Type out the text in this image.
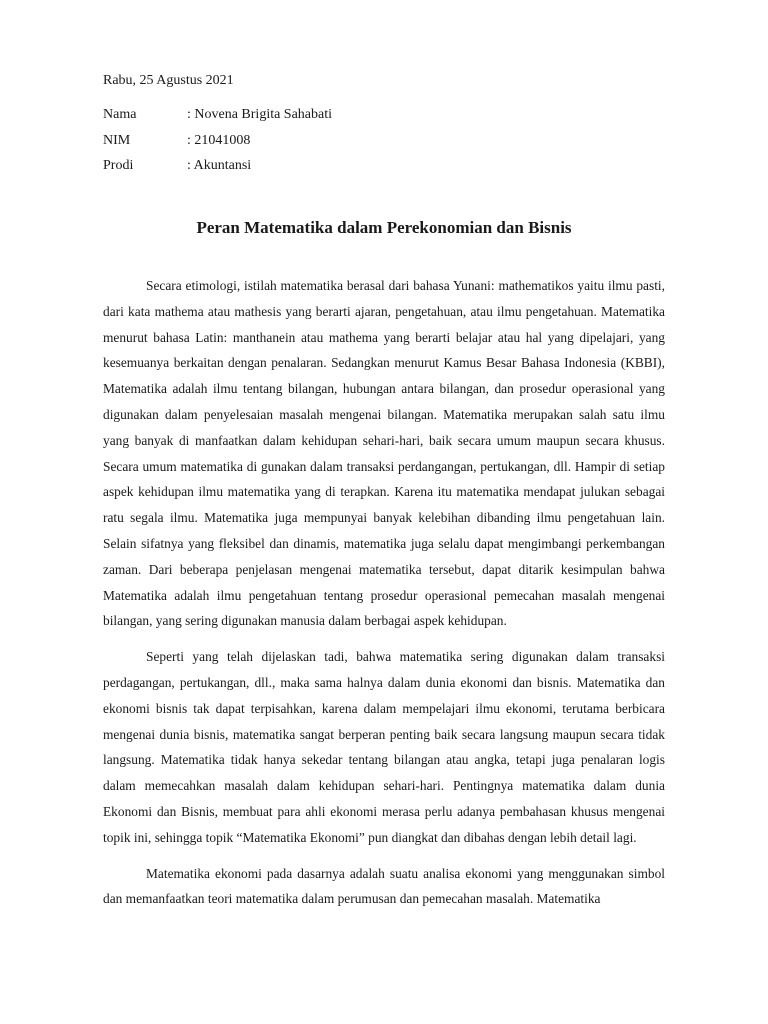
Rabu, 25 Agustus 2021
Nama	: Novena Brigita Sahabati
NIM	: 21041008
Prodi	: Akuntansi
Peran Matematika dalam Perekonomian dan Bisnis

Secara etimologi, istilah matematika berasal dari bahasa Yunani: mathematikos yaitu ilmu pasti, dari kata mathema atau mathesis yang berarti ajaran, pengetahuan, atau ilmu pengetahuan. Matematika menurut bahasa Latin: manthanein atau mathema yang berarti belajar atau hal yang dipelajari, yang kesemuanya berkaitan dengan penalaran. Sedangkan menurut Kamus Besar Bahasa Indonesia (KBBI), Matematika adalah ilmu tentang bilangan, hubungan antara bilangan, dan prosedur operasional yang digunakan dalam penyelesaian masalah mengenai bilangan. Matematika merupakan salah satu ilmu yang banyak di manfaatkan dalam kehidupan sehari-hari, baik secara umum maupun secara khusus. Secara umum matematika di gunakan dalam transaksi perdangangan, pertukangan, dll. Hampir di setiap aspek kehidupan ilmu matematika yang di terapkan. Karena itu matematika mendapat julukan sebagai ratu segala ilmu. Matematika juga mempunyai banyak kelebihan dibanding ilmu pengetahuan lain. Selain sifatnya yang fleksibel dan dinamis, matematika juga selalu dapat mengimbangi perkembangan zaman. Dari beberapa penjelasan mengenai matematika tersebut, dapat ditarik kesimpulan bahwa Matematika adalah ilmu pengetahuan tentang prosedur operasional pemecahan masalah mengenai bilangan, yang sering digunakan manusia dalam berbagai aspek kehidupan.

Seperti yang telah dijelaskan tadi, bahwa matematika sering digunakan dalam transaksi perdagangan, pertukangan, dll., maka sama halnya dalam dunia ekonomi dan bisnis. Matematika dan ekonomi bisnis tak dapat terpisahkan, karena dalam mempelajari ilmu ekonomi, terutama berbicara mengenai dunia bisnis, matematika sangat berperan penting baik secara langsung maupun secara tidak langsung. Matematika tidak hanya sekedar tentang bilangan atau angka, tetapi juga penalaran logis dalam memecahkan masalah dalam kehidupan sehari-hari. Pentingnya matematika dalam dunia Ekonomi dan Bisnis, membuat para ahli ekonomi merasa perlu adanya pembahasan khusus mengenai topik ini, sehingga topik “Matematika Ekonomi” pun diangkat dan dibahas dengan lebih detail lagi.

Matematika ekonomi pada dasarnya adalah suatu analisa ekonomi yang menggunakan simbol dan memanfaatkan teori matematika dalam perumusan dan pemecahan masalah. Matematika
